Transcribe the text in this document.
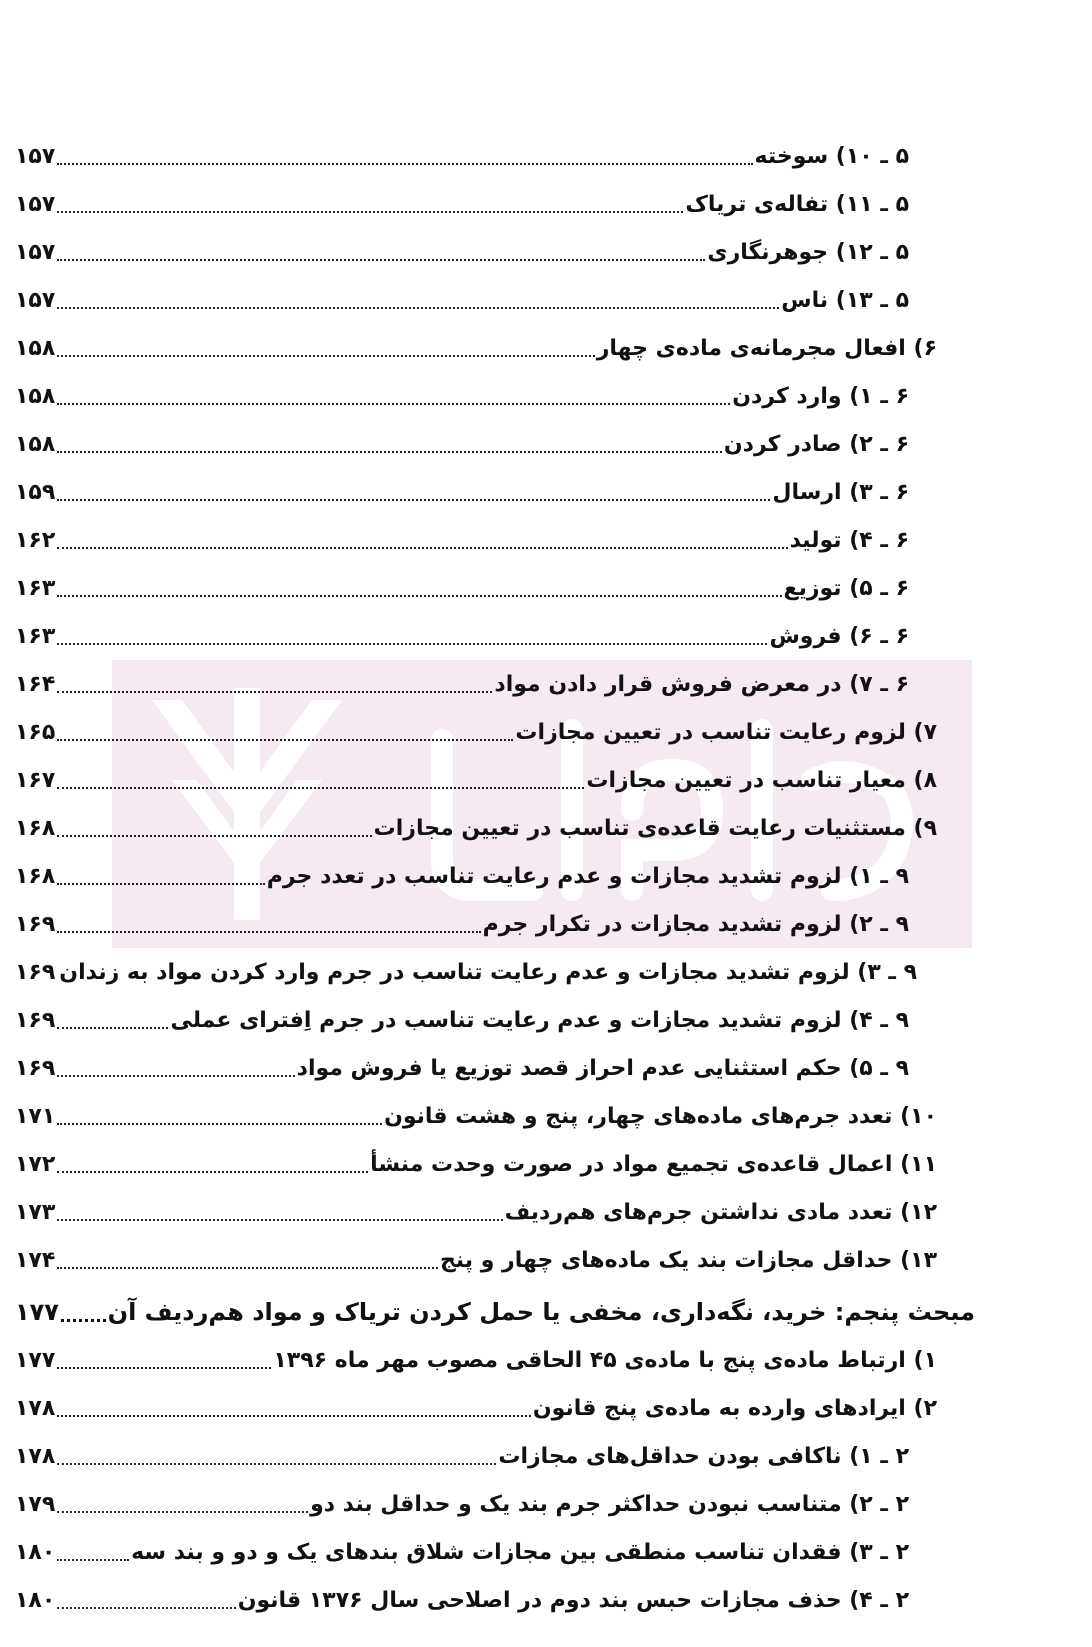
۱۵۷	۵ ـ ۱۰) سوخته
۱۵۷	۵ ـ ۱۱) تفاله‌ی تریاک
۱۵۷	۵ ـ ۱۲) جوهرنگاری
۱۵۷	۵ ـ ۱۳) ناس
۱۵۸	۶) افعال مجرمانه‌ی ماده‌ی چهار
۱۵۸	۶ ـ ۱) وارد کردن
۱۵۸	۶ ـ ۲) صادر کردن
۱۵۹	۶ ـ ۳) ارسال
۱۶۲	۶ ـ ۴) تولید
۱۶۳	۶ ـ ۵) توزیع
۱۶۳	۶ ـ ۶) فروش
۱۶۴	۶ ـ ۷) در معرض فروش قرار دادن مواد
۱۶۵	۷) لزوم رعایت تناسب در تعیین مجازات
۱۶۷	۸) معیار تناسب در تعیین مجازات
۱۶۸	۹) مستثنیات رعایت قاعده‌ی تناسب در تعیین مجازات
۱۶۸	۹ ـ ۱) لزوم تشدید مجازات و عدم رعایت تناسب در تعدد جرم
۱۶۹	۹ ـ ۲) لزوم تشدید مجازات در تکرار جرم
۱۶۹ ۹ ـ ۳) لزوم تشدید مجازات و عدم رعایت تناسب در جرم وارد کردن مواد به زندان
۱۶۹	۹ ـ ۴) لزوم تشدید مجازات و عدم رعایت تناسب در جرم اِفترای عملی
۱۶۹	۹ ـ ۵) حکم استثنایی عدم احراز قصد توزیع یا فروش مواد
۱۷۱	۱۰) تعدد جرم‌های ماده‌های چهار، پنج و هشت قانون
۱۷۲	۱۱) اعمال قاعده‌ی تجمیع مواد در صورت وحدت منشأ
۱۷۳	۱۲) تعدد مادی نداشتن جرم‌های هم‌ردیف
۱۷۴	۱۳) حداقل مجازات بند یک ماده‌های چهار و پنج
۱۷۷ مبحث پنجم: خرید، نگه‌داری، مخفی یا حمل کردن تریاک و مواد هم‌ردیف آن
۱۷۷	۱) ارتباط ماده‌ی پنج با ماده‌ی ۴۵ الحاقی مصوب مهر ماه ۱۳۹۶
۱۷۸	۲) ایرادهای وارده به ماده‌ی پنج قانون
۱۷۸	۲ ـ ۱) ناکافی بودن حداقل‌های مجازات
۱۷۹	۲ ـ ۲) متناسب نبودن حداکثر جرم بند یک و حداقل بند دو
۱۸۰	۲ ـ ۳) فقدان تناسب منطقی بین مجازات شلاق بندهای یک و دو و بند سه
۱۸۰	۲ ـ ۴) حذف مجازات حبس بند دوم در اصلاحی سال ۱۳۷۶ قانون
